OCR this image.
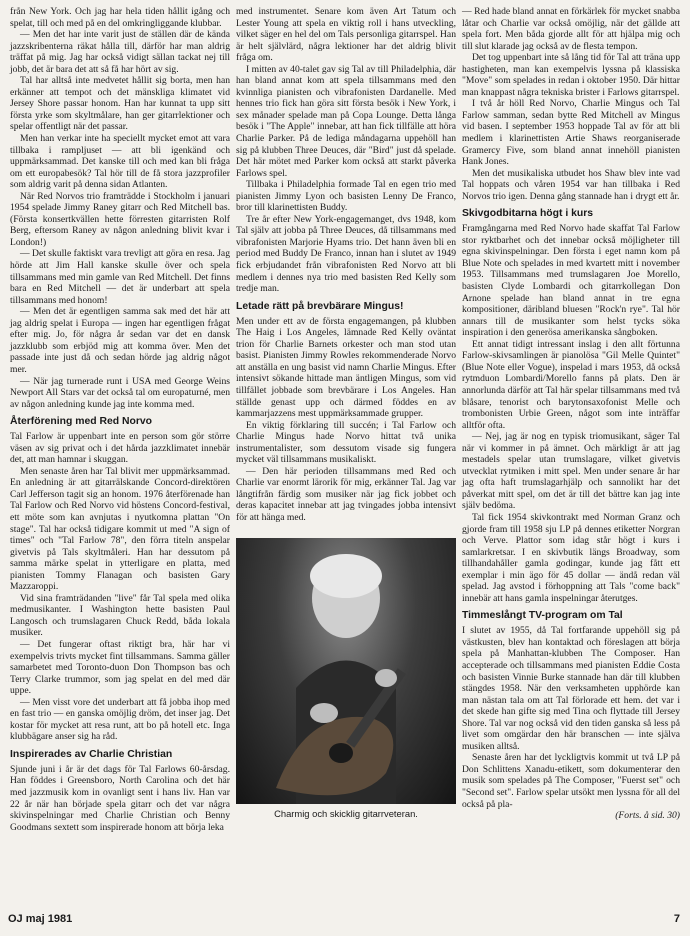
från New York. Och jag har hela tiden hållit igång och spelat, till och med på en del omkringliggande klubbar.

— Men det har inte varit just de ställen där de kända jazzskribenterna räkat hålla till, därför har man aldrig träffat på mig. Jag har också vidigt sällan tackat nej till jobb, det är bara det att så få har hört av sig.

Tal har alltså inte medvetet hållit sig borta, men han erkänner att tempot och det mänskliga klimatet vid Jersey Shore passar honom. Han har kunnat ta upp sitt första yrke som skyltmålare, han ger gitarrlektioner och spelar offentligt när det passar.

Men han verkar inte ha speciellt mycket emot att vara tillbaka i rampljuset — att bli igenkänd och uppmärksammad. Det kanske till och med kan bli fråga om ett europabesök? Tal hör till de få stora jazzprofiler som aldrig varit på denna sidan Atlanten.

När Red Norvos trio framträdde i Stockholm i januari 1954 spelade Jimmy Raney gitarr och Red Mitchell bas. (Första konsertkvällen hette förresten gitarristen Rolf Berg, eftersom Raney av någon anledning blivit kvar i London!)

— Det skulle faktiskt vara trevligt att göra en resa. Jag hörde att Jim Hall kanske skulle över och spela tillsammans med min gamle van Red Mitchell. Det finns bara en Red Mitchell — det är underbart att spela tillsammans med honom!

— Men det är egentligen samma sak med det här att jag aldrig spelat i Europa — ingen har egentligen frågat efter mig. Jo, för några år sedan var det en dansk jazzklubb som erbjöd mig att komma över. Men det passade inte just då och sedan hörde jag aldrig något mer.

— När jag turnerade runt i USA med George Weins Newport All Stars var det också tal om europaturné, men av någon anledning kunde jag inte komma med.

Återförening med Red Norvo

Tal Farlow är uppenbart inte en person som gör större väsen av sig privat och i det hårda jazzklimatet innebär det, att man hamnar i skuggan.

Men senaste åren har Tal blivit mer uppmärksammad. En anledning är att gitarrälskande Concord-direktören Carl Jefferson tagit sig an honom. 1976 återförenade han Tal Farlow och Red Norvo vid höstens Concord-festival, ett möte som kan avnjutas i nyutkomna plattan "On stage". Tal har också tidigare kommit ut med "A sign of times" och "Tal Farlow 78", den förra titeln anspelar givetvis på Tals skyltmåleri. Han har dessutom på samma märke spelat in ytterligare en platta, med pianisten Tommy Flanagan och basisten Gary Mazzaroppi.

Vid sina framträdanden "live" får Tal spela med olika medmusikanter. I Washington hette basisten Paul Langosch och trumslagaren Chuck Redd, båda lokala musiker.

— Det fungerar oftast riktigt bra, här har vi exempelvis trivts mycket fint tillsammans. Samma gäller samarbetet med Toronto-duon Don Thompson bas och Terry Clarke trummor, som jag spelat en del med där uppe.

— Men visst vore det underbart att få jobba ihop med en fast trio — en ganska omöjlig dröm, det inser jag. Det kostar för mycket att resa runt, att bo på hotell etc. Inga klubbägare anser sig ha råd.

Inspirerades av Charlie Christian

Sjunde juni i år är det dags för Tal Farlows 60-årsdag. Han föddes i Greensboro, North Carolina och det här med jazzmusik kom in ovanligt sent i hans liv. Han var 22 år när han började spela gitarr och det var några skivinspelningar med Charlie Christian och Benny Goodmans sextett som inspirerade honom att börja leka

med instrumentet. Senare kom även Art Tatum och Lester Young att spela en viktig roll i hans utveckling, vilket säger en hel del om Tals personliga gitarrspel. Han är helt självlärd, några lektioner har det aldrig blivit fråga om.

I mitten av 40-talet gav sig Tal av till Philadelphia, där han bland annat kom att spela tillsammans med den kvinnliga pianisten och vibrafonisten Dardanelle. Med hennes trio fick han göra sitt första besök i New York, i sex månader spelade man på Copa Lounge. Detta långa besök i "The Apple" innebar, att han fick tillfälle att höra Charlie Parker. På de lediga måndagarna uppehöll han sig på klubben Three Deuces, där "Bird" just då spelade. Det här mötet med Parker kom också att starkt påverka Farlows spel.

Tillbaka i Philadelphia formade Tal en egen trio med pianisten Jimmy Lyon och basisten Lenny De Franco, bror till klarinettisten Buddy.

Tre år efter New York-engagemanget, dvs 1948, kom Tal själv att jobba på Three Deuces, då tillsammans med vibrafonisten Marjorie Hyams trio. Det hann även bli en period med Buddy De Franco, innan han i slutet av 1949 fick erbjudandet från vibrafonisten Red Norvo att bli medlem i dennes nya trio med basisten Red Kelly som tredje man.

Letade rätt på brevbärare Mingus!

Men under ett av de första engagemangen, på klubben The Haig i Los Angeles, lämnade Red Kelly oväntat trion för Charlie Barnets orkester och man stod utan basist. Pianisten Jimmy Rowles rekommenderade Norvo att anställa en ung basist vid namn Charlie Mingus. Efter intensivt sökande hittade man äntligen Mingus, som vid tillfället jobbade som brevbärare i Los Angeles. Han ställde genast upp och därmed föddes en av kammarjazzens mest uppmärksammade grupper.

En viktig förklaring till succén; i Tal Farlow och Charlie Mingus hade Norvo hittat två unika instrumentalister, som dessutom visade sig fungera mycket väl tillsammans musikaliskt.

— Den här perioden tillsammans med Red och Charlie var enormt lärorik för mig, erkänner Tal. Jag var långtifrån färdig som musiker när jag fick jobbet och deras kapacitet innebar att jag tvingades jobba intensivt för att hänga med.

Charmig och skicklig gitarrveteran.

— Red hade bland annat en förkärlek för mycket snabba låtar och Charlie var också omöjlig, när det gällde att spela fort. Men båda gjorde allt för att hjälpa mig och till slut klarade jag också av de flesta tempon.

Det tog uppenbart inte så lång tid för Tal att träna upp hastigheten, man kan exempelvis lyssna på klassiska "Move" som spelades in redan i oktober 1950. Där hittar man knappast några tekniska brister i Farlows gitarrspel.

I två år höll Red Norvo, Charlie Mingus och Tal Farlow samman, sedan bytte Red Mitchell av Mingus vid basen. I september 1953 hoppade Tal av för att bli medlem i klarinettisten Artie Shaws reorganiserade Gramercy Five, som bland annat innehöll pianisten Hank Jones.

Men det musikaliska utbudet hos Shaw blev inte vad Tal hoppats och våren 1954 var han tillbaka i Red Norvos trio igen. Denna gång stannade han i drygt ett år.

Skivgodbitarna högt i kurs

Framgångarna med Red Norvo hade skaffat Tal Farlow stor ryktbarhet och det innebar också möjligheter till egna skivinspelningar. Den första i eget namn kom på Blue Note och spelades in med kvartett mitt i november 1953. Tillsammans med trumslagaren Joe Morello, basisten Clyde Lombardi och gitarrkollegan Don Arnone spelade han bland annat in tre egna kompositioner, däribland bluesen "Rock'n rye". Tal hör annars till de musikanter som helst tycks söka inspiration i den generösa amerikanska sångboken.

Ett annat tidigt intressant inslag i den allt förtunna Farlow-skivsamlingen är pianolösa "Gil Melle Quintet" (Blue Note eller Vogue), inspelad i mars 1953, då också rytmduon Lombardi/Morello fanns på plats. Den är annorlunda därför att Tal här spelar tillsammans med två blåsare, tenorist och barytonsaxofonist Melle och trombonisten Urbie Green, något som inte inträffar alltför ofta.

— Nej, jag är nog en typisk triomusikant, säger Tal när vi kommer in på ämnet. Och märkligt är att jag mestadels spelar utan trumslagare, vilket givetvis utvecklat rytmiken i mitt spel. Men under senare år har jag ofta haft trumslagarhjälp och sannolikt har det påverkat mitt spel, om det är till det bättre kan jag inte själv bedöma.

Tal fick 1954 skivkontrakt med Norman Granz och gjorde fram till 1958 sju LP på dennes etiketter Norgran och Verve. Plattor som idag står högt i kurs i samlarkretsar. I en skivbutik längs Broadway, som tillhandahåller gamla godingar, kunde jag fått ett exemplar i min ägo för 45 dollar — ändå redan väl spelad. Jag avstod i förhoppning att Tals "come back" innebär att hans gamla inspelningar återutges.

Timmeslångt TV-program om Tal

I slutet av 1955, då Tal fortfarande uppehöll sig på västkusten, blev han kontaktad och föreslagen att börja spela på Manhattan-klubben The Composer. Han accepterade och tillsammans med pianisten Eddie Costa och basisten Vinnie Burke stannade han där till klubben stängdes 1958. När den verksamheten upphörde kan man nästan tala om att Tal förlorade ett hem. det var i det skede han gifte sig med Tina och flyttade till Jersey Shore. Tal var nog också vid den tiden ganska så less på livet som omgärdar den här branschen — inte själva musiken alltså.

Senaste åren har det lyckligtvis kommit ut två LP på Don Schlittens Xanadu-etikett, som dokumenterar den musik som spelades på The Composer, "Fuerst set" och "Second set". Farlow spelar utsökt men lyssna för all del också på pla-

(Forts. å sid. 30)
OJ maj 1981	7
